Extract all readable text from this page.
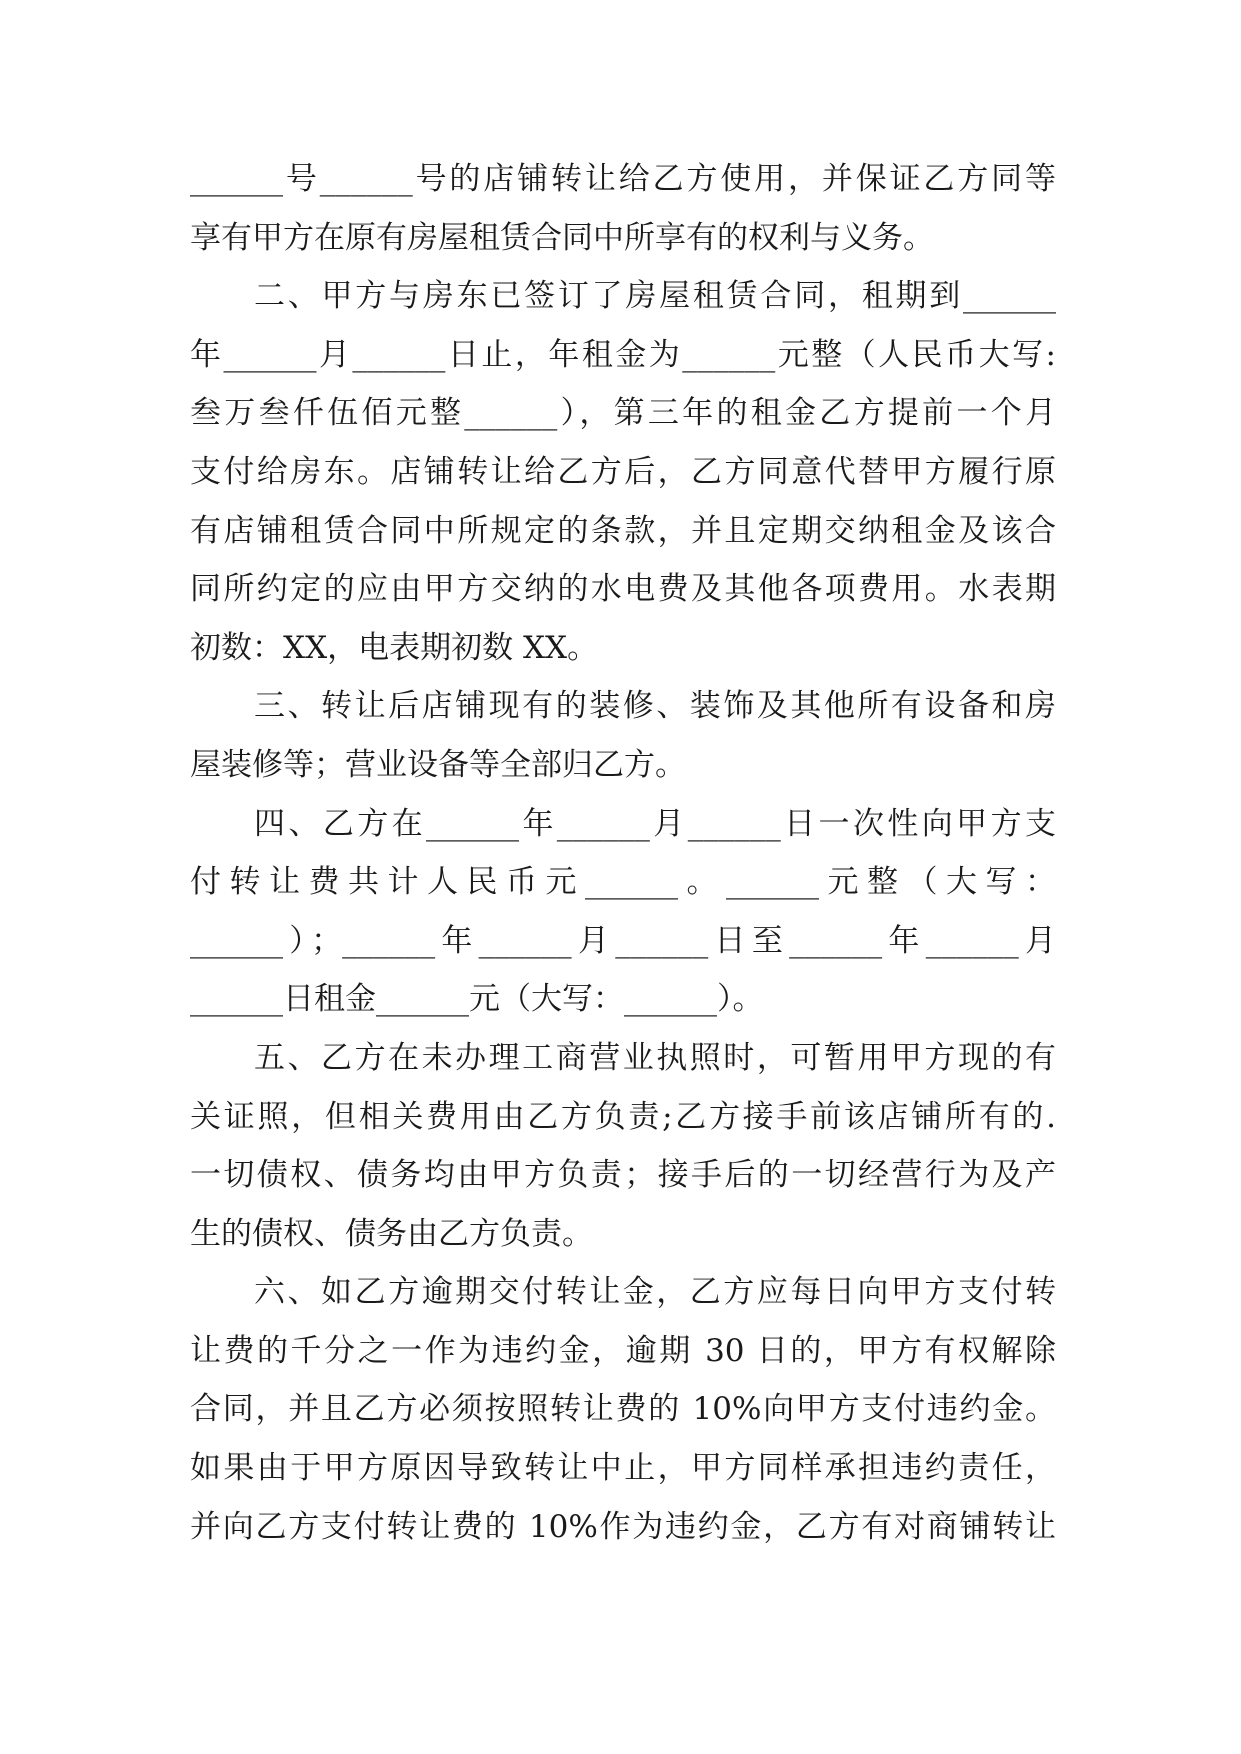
______号______号的店铺转让给乙方使用，并保证乙方同等
享有甲方在原有房屋租赁合同中所享有的权利与义务。
二、甲方与房东已签订了房屋租赁合同，租期到______
年______月______日止，年租金为______元整（人民币大写:
叁万叁仟伍佰元整______），第三年的租金乙方提前一个月
支付给房东。店铺转让给乙方后，乙方同意代替甲方履行原
有店铺租赁合同中所规定的条款，并且定期交纳租金及该合
同所约定的应由甲方交纳的水电费及其他各项费用。水表期
初数：XX，电表期初数 XX。
三、转让后店铺现有的装修、装饰及其他所有设备和房
屋装修等；营业设备等全部归乙方。
四、乙方在______年______月______日一次性向甲方支
付转让费共计人民币元______。______元整（大写：
______）；______年______月______日至______年______月
______日租金______元（大写：______）。
五、乙方在未办理工商营业执照时，可暂用甲方现的有
关证照，但相关费用由乙方负责;乙方接手前该店铺所有的.
一切债权、债务均由甲方负责；接手后的一切经营行为及产
生的债权、债务由乙方负责。
六、如乙方逾期交付转让金，乙方应每日向甲方支付转
让费的千分之一作为违约金，逾期 30 日的，甲方有权解除
合同，并且乙方必须按照转让费的 10%向甲方支付违约金。
如果由于甲方原因导致转让中止，甲方同样承担违约责任，
并向乙方支付转让费的 10%作为违约金，乙方有对商铺转让
